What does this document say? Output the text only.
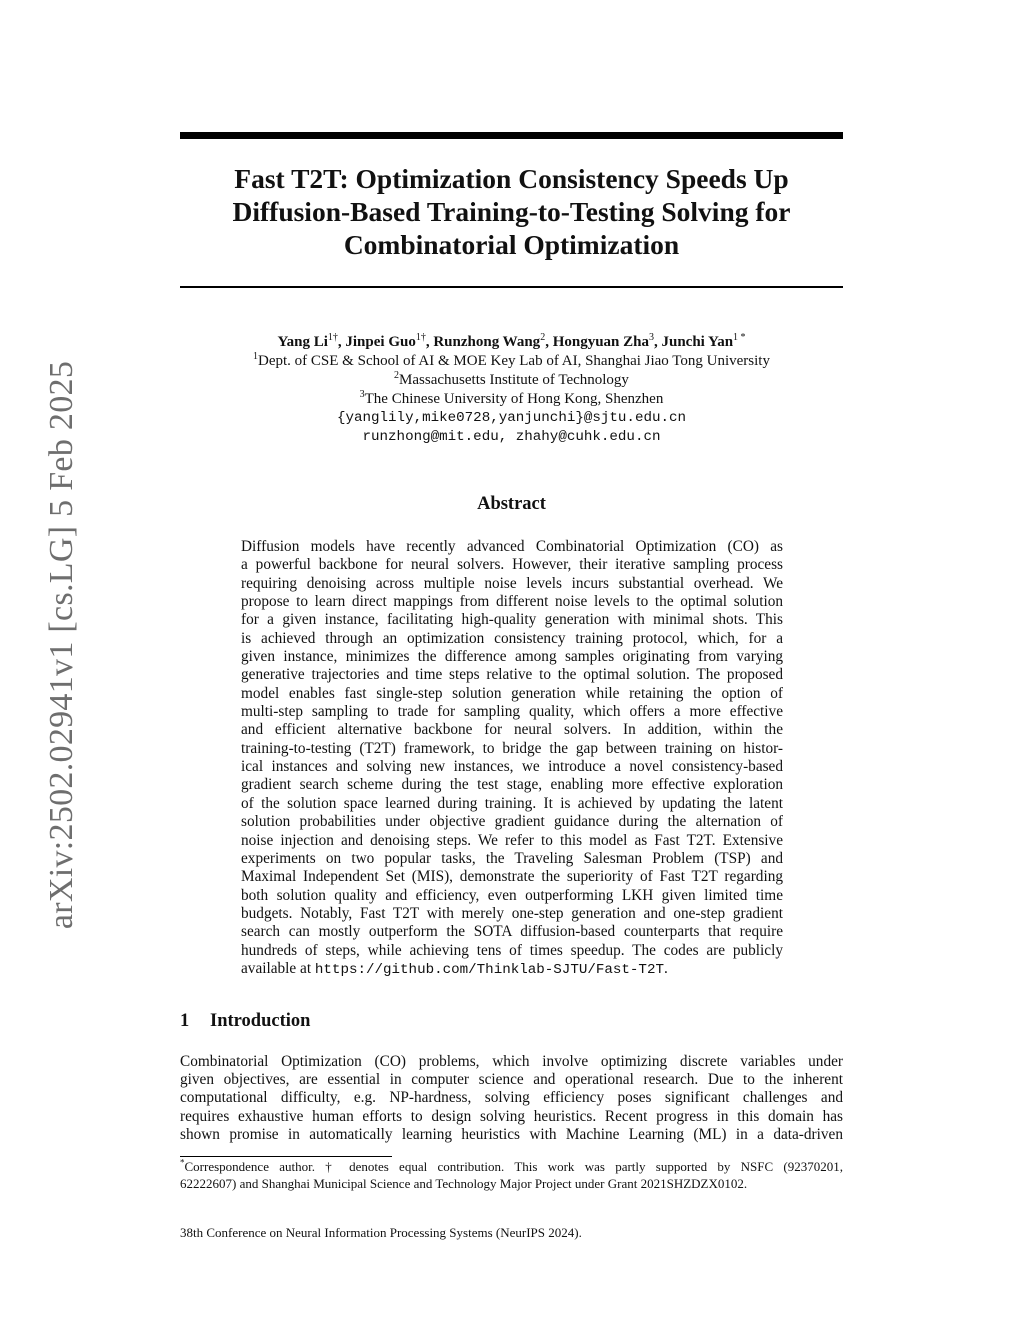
arXiv:2502.02941v1 [cs.LG] 5 Feb 2025
Fast T2T: Optimization Consistency Speeds Up
Diffusion-Based Training-to-Testing Solving for
Combinatorial Optimization
Yang $Li^{1\dagger}$, Jinpei Guo$^{1\dagger}$, Runzhong Wang$^2$, Hongyuan Zha$^3$, Junchi Yan$^{1 *}$
$^1$Dept. of CSE & School of AI & MOE Key Lab of AI, Shanghai Jiao Tong University
$^2$Massachusetts Institute of Technology
$^3$The Chinese University of Hong Kong, Shenzhen
{yanglily,mike0728,yanjunchi}@sjtu.edu.cn
runzhong@mit.edu, zhahy@cuhk.edu.cn
Abstract
Diffusion models have recently advanced Combinatorial Optimization (CO) as
a powerful backbone for neural solvers. However, their iterative sampling process
requiring denoising across multiple noise levels incurs substantial overhead. We
propose to learn direct mappings from different noise levels to the optimal solution
for a given instance, facilitating high-quality generation with minimal shots. This
is achieved through an optimization consistency training protocol, which, for a
given instance, minimizes the difference among samples originating from varying
generative trajectories and time steps relative to the optimal solution. The proposed
model enables fast single-step solution generation while retaining the option of
multi-step sampling to trade for sampling quality, which offers a more effective
and efficient alternative backbone for neural solvers. In addition, within the
training-to-testing (T2T) framework, to bridge the gap between training on histor-
ical instances and solving new instances, we introduce a novel consistency-based
gradient search scheme during the test stage, enabling more effective exploration
of the solution space learned during training. It is achieved by updating the latent
solution probabilities under objective gradient guidance during the alternation of
noise injection and denoising steps. We refer to this model as Fast T2T. Extensive
experiments on two popular tasks, the Traveling Salesman Problem (TSP) and
Maximal Independent Set (MIS), demonstrate the superiority of Fast T2T regarding
both solution quality and efficiency, even outperforming LKH given limited time
budgets. Notably, Fast T2T with merely one-step generation and one-step gradient
search can mostly outperform the SOTA diffusion-based counterparts that require
hundreds of steps, while achieving tens of times speedup. The codes are publicly
available at https://github.com/Thinklab-SJTU/Fast-T2T.
1 Introduction
Combinatorial Optimization (CO) problems, which involve optimizing discrete variables under
given objectives, are essential in computer science and operational research. Due to the inherent
computational difficulty, e.g. NP-hardness, solving efficiency poses significant challenges and
requires exhaustive human efforts to design solving heuristics. Recent progress in this domain has
shown promise in automatically learning heuristics with Machine Learning (ML) in a data-driven
*Correspondence author. † denotes equal contribution. This work was partly supported by NSFC (92370201,
62222607) and Shanghai Municipal Science and Technology Major Project under Grant 2021SHZDZX0102.
38th Conference on Neural Information Processing Systems (NeurIPS 2024).
